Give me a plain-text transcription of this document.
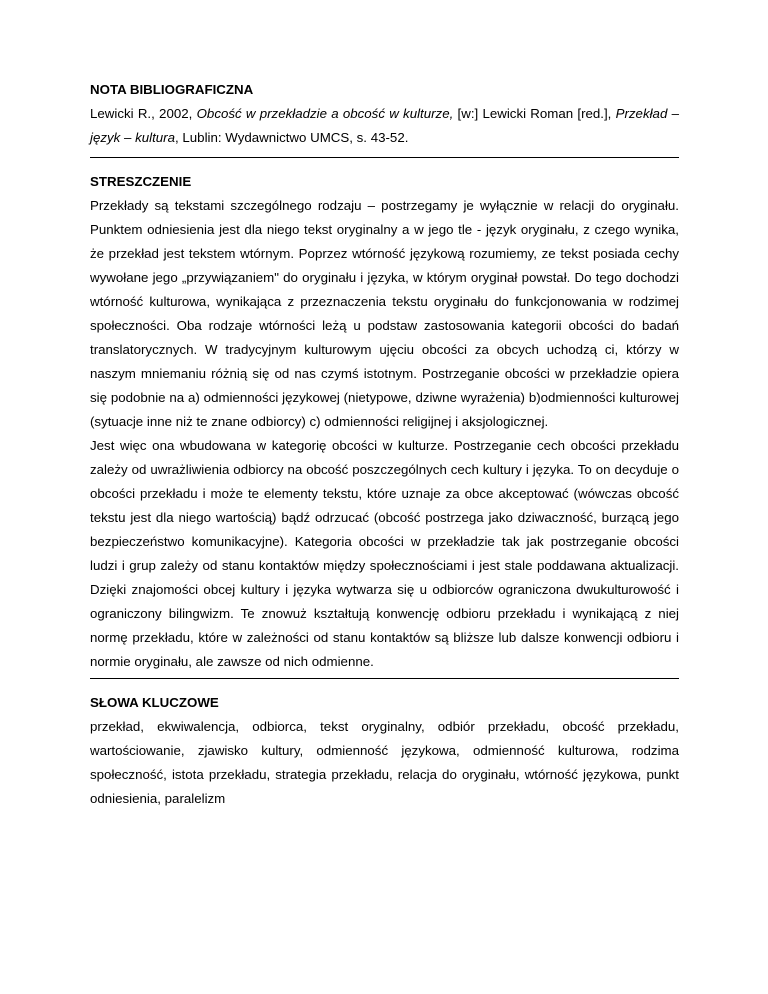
NOTA BIBLIOGRAFICZNA

Lewicki R., 2002, Obcość w przekładzie a obcość w kulturze, [w:] Lewicki Roman [red.], Przekład – język – kultura, Lublin: Wydawnictwo UMCS, s. 43-52.

STRESZCZENIE

Przekłady są tekstami szczególnego rodzaju – postrzegamy je wyłącznie w relacji do oryginału. Punktem odniesienia jest dla niego tekst oryginalny a w jego tle - język oryginału, z czego wynika, że przekład jest tekstem wtórnym. Poprzez wtórność językową rozumiemy, ze tekst posiada cechy wywołane jego „przywiązaniem" do oryginału i języka, w którym oryginał powstał. Do tego dochodzi wtórność kulturowa, wynikająca z przeznaczenia tekstu oryginału do funkcjonowania w rodzimej społeczności. Oba rodzaje wtórności leżą u podstaw zastosowania kategorii obcości do badań translatorycznych. W tradycyjnym kulturowym ujęciu obcości za obcych uchodzą ci, którzy w naszym mniemaniu różnią się od nas czymś istotnym. Postrzeganie obcości w przekładzie opiera się podobnie na a) odmienności językowej (nietypowe, dziwne wyrażenia) b)odmienności kulturowej (sytuacje inne niż te znane odbiorcy) c) odmienności religijnej i aksjologicznej.

Jest więc ona wbudowana w kategorię obcości w kulturze. Postrzeganie cech obcości przekładu zależy od uwrażliwienia odbiorcy na obcość poszczególnych cech kultury i języka. To on decyduje o obcości przekładu i może te elementy tekstu, które uznaje za obce akceptować (wówczas obcość tekstu jest dla niego wartością) bądź odrzucać (obcość postrzega jako dziwaczność, burzącą jego bezpieczeństwo komunikacyjne). Kategoria obcości w przekładzie tak jak postrzeganie obcości ludzi i grup zależy od stanu kontaktów między społecznościami i jest stale poddawana aktualizacji. Dzięki znajomości obcej kultury i języka wytwarza się u odbiorców ograniczona dwukulturowość i ograniczony bilingwizm. Te znowuż kształtują konwencję odbioru przekładu i wynikającą z niej normę przekładu, które w zależności od stanu kontaktów są bliższe lub dalsze konwencji odbioru i normie oryginału, ale zawsze od nich odmienne.

SŁOWA KLUCZOWE

przekład, ekwiwalencja, odbiorca, tekst oryginalny, odbiór przekładu, obcość przekładu, wartościowanie, zjawisko kultury, odmienność językowa, odmienność kulturowa, rodzima społeczność, istota przekładu, strategia przekładu, relacja do oryginału, wtórność językowa, punkt odniesienia, paralelizm
